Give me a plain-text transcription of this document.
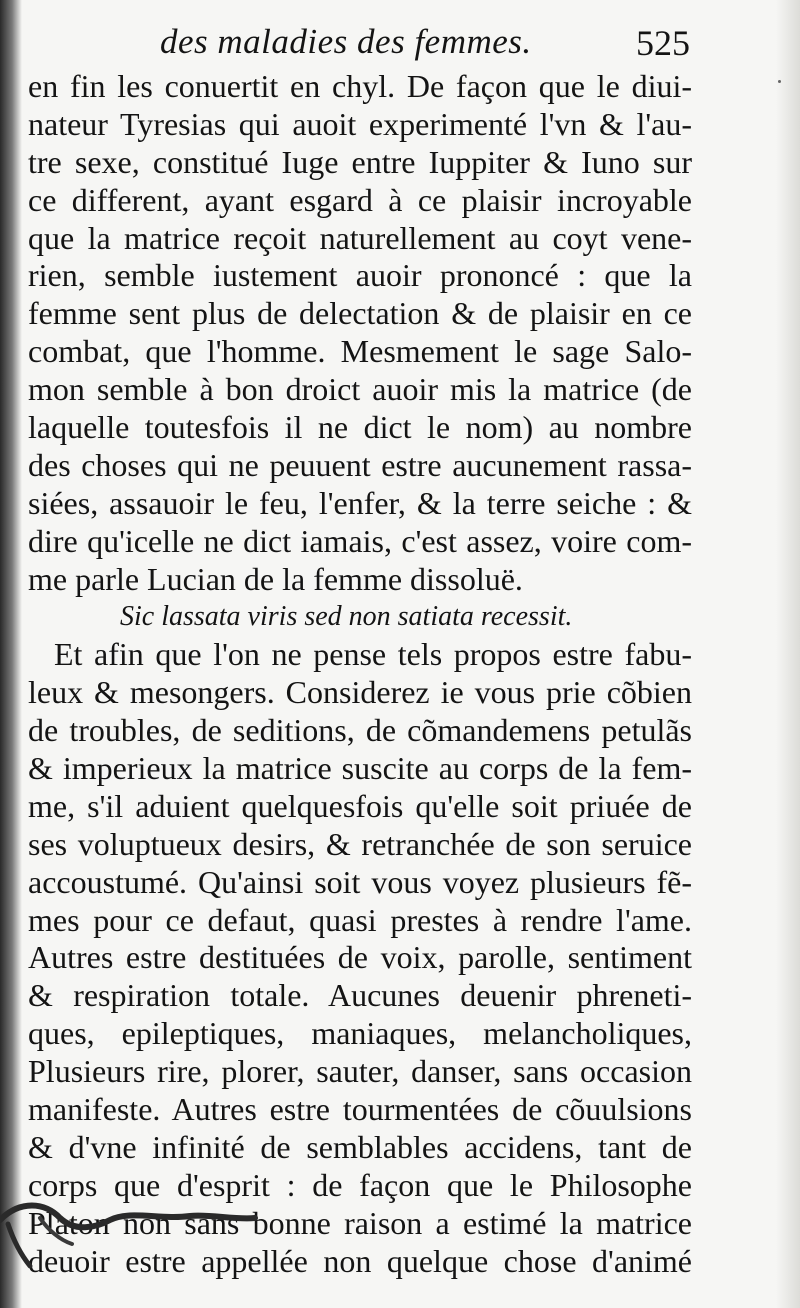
des maladies des femmes.	525
en fin les conuertit en chyl. De façon que le diui-
nateur Tyresias qui auoit experimenté l'vn & l'au-
tre sexe, constitué Iuge entre Iuppiter & Iuno sur
ce different, ayant esgard à ce plaisir incroyable
que la matrice reçoit naturellement au coyt vene-
rien, semble iustement auoir prononcé : que la
femme sent plus de delectation & de plaisir en ce
combat, que l'homme. Mesmement le sage Salo-
mon semble à bon droict auoir mis la matrice (de
laquelle toutesfois il ne dict le nom) au nombre
des choses qui ne peuuent estre aucunement rassa-
siées, assauoir le feu, l'enfer, & la terre seiche : &
dire qu'icelle ne dict iamais, c'est assez, voire com-
me parle Lucian de la femme dissoluë.
Sic lassata viris sed non satiata recessit.
Et afin que l'on ne pense tels propos estre fabu-
leux & mesongers. Considerez ie vous prie cõbien
de troubles, de seditions, de cõmandemens petulãs
& imperieux la matrice suscite au corps de la fem-
me, s'il aduient quelquesfois qu'elle soit priuée de
ses voluptueux desirs, & retranchée de son seruice
accoustumé. Qu'ainsi soit vous voyez plusieurs fẽ-
mes pour ce defaut, quasi prestes à rendre l'ame.
Autres estre destituées de voix, parolle, sentiment
& respiration totale. Aucunes deuenir phreneti-
ques, epileptiques, maniaques, melancholiques,
Plusieurs rire, plorer, sauter, danser, sans occasion
manifeste. Autres estre tourmentées de cõuulsions
& d'vne infinité de semblables accidens, tant de
corps que d'esprit : de façon que le Philosophe
Platon non sans bonne raison a estimé la matrice
deuoir estre appellée non quelque chose d'animé
